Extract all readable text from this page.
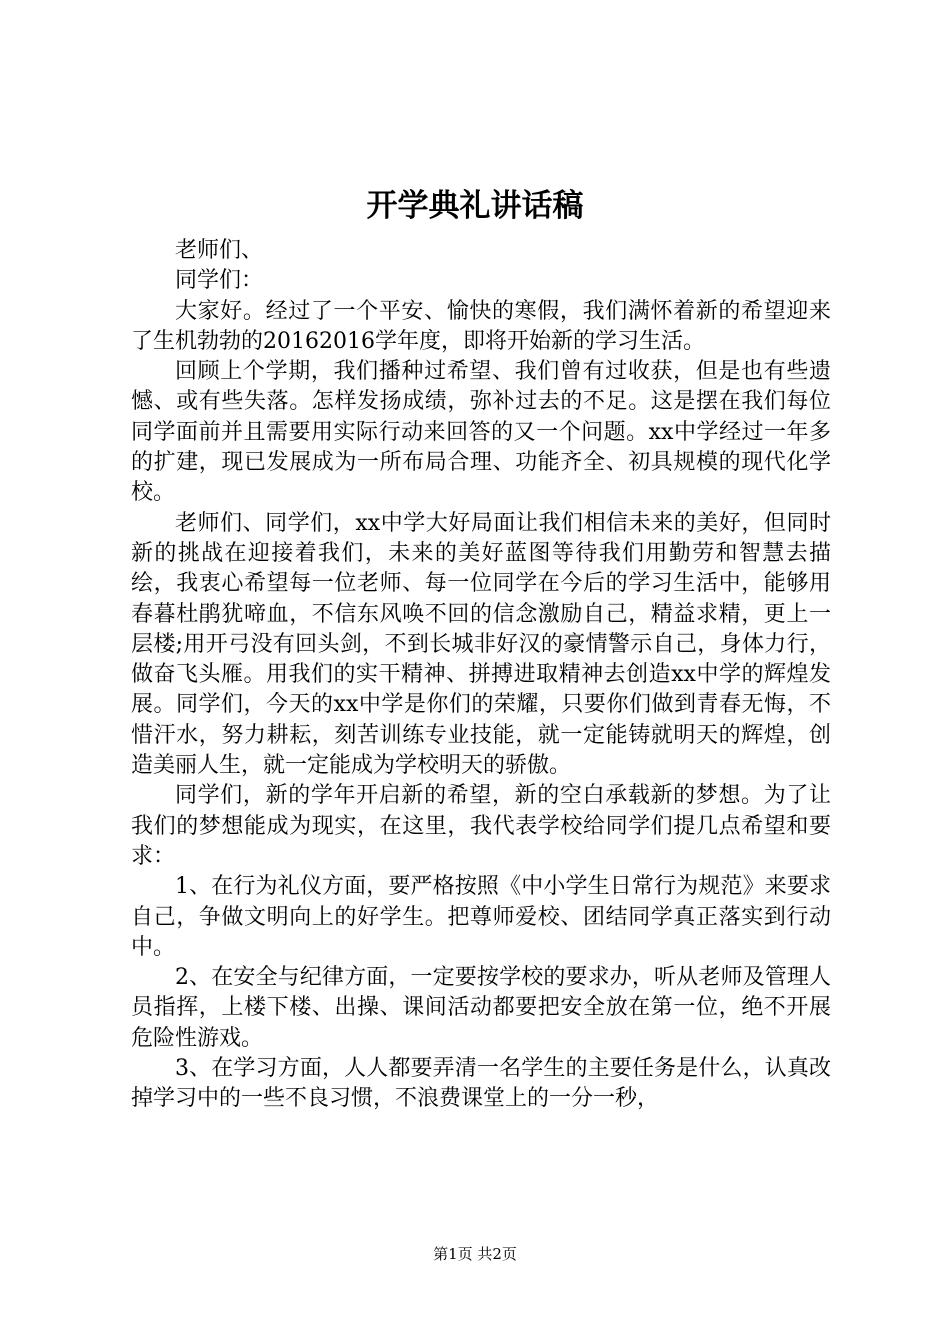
开学典礼讲话稿

老师们、

同学们：

大家好。经过了一个平安、愉快的寒假，我们满怀着新的希望迎来了生机勃勃的20162016学年度，即将开始新的学习生活。

回顾上个学期，我们播种过希望、我们曾有过收获，但是也有些遗憾、或有些失落。怎样发扬成绩，弥补过去的不足。这是摆在我们每位同学面前并且需要用实际行动来回答的又一个问题。xx中学经过一年多的扩建，现已发展成为一所布局合理、功能齐全、初具规模的现代化学校。

老师们、同学们，xx中学大好局面让我们相信未来的美好，但同时新的挑战在迎接着我们，未来的美好蓝图等待我们用勤劳和智慧去描绘，我衷心希望每一位老师、每一位同学在今后的学习生活中，能够用春暮杜鹃犹啼血，不信东风唤不回的信念激励自己，精益求精，更上一层楼;用开弓没有回头剑，不到长城非好汉的豪情警示自己，身体力行，做奋飞头雁。用我们的实干精神、拼搏进取精神去创造xx中学的辉煌发展。同学们，今天的xx中学是你们的荣耀，只要你们做到青春无悔，不惜汗水，努力耕耘，刻苦训练专业技能，就一定能铸就明天的辉煌，创造美丽人生，就一定能成为学校明天的骄傲。

同学们，新的学年开启新的希望，新的空白承载新的梦想。为了让我们的梦想能成为现实，在这里，我代表学校给同学们提几点希望和要求：

1、在行为礼仪方面，要严格按照《中小学生日常行为规范》来要求自己，争做文明向上的好学生。把尊师爱校、团结同学真正落实到行动中。

2、在安全与纪律方面，一定要按学校的要求办，听从老师及管理人员指挥，上楼下楼、出操、课间活动都要把安全放在第一位，绝不开展危险性游戏。

3、在学习方面，人人都要弄清一名学生的主要任务是什么，认真改掉学习中的一些不良习惯，不浪费课堂上的一分一秒，

第1页 共2页
